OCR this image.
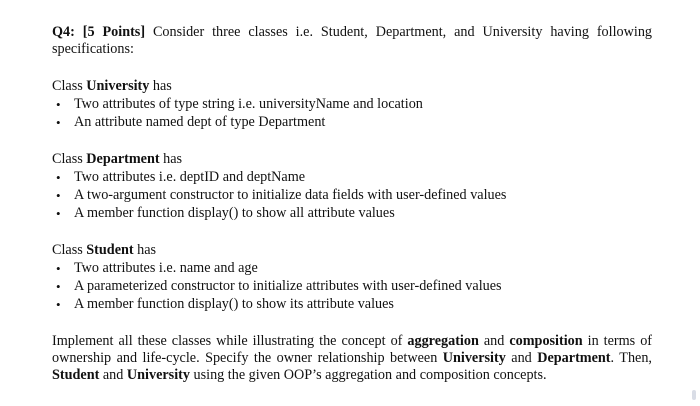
Q4: [5 Points] Consider three classes i.e. Student, Department, and University having following specifications:

Class University has

• Two attributes of type string i.e. universityName and location
• An attribute named dept of type Department

Class Department has

• Two attributes i.e. deptID and deptName
• A two-argument constructor to initialize data fields with user-defined values
• A member function display() to show all attribute values

Class Student has

• Two attributes i.e. name and age
• A parameterized constructor to initialize attributes with user-defined values
• A member function display() to show its attribute values

Implement all these classes while illustrating the concept of aggregation and composition in terms of ownership and life-cycle. Specify the owner relationship between University and Department. Then, Student and University using the given OOP’s aggregation and composition concepts.
